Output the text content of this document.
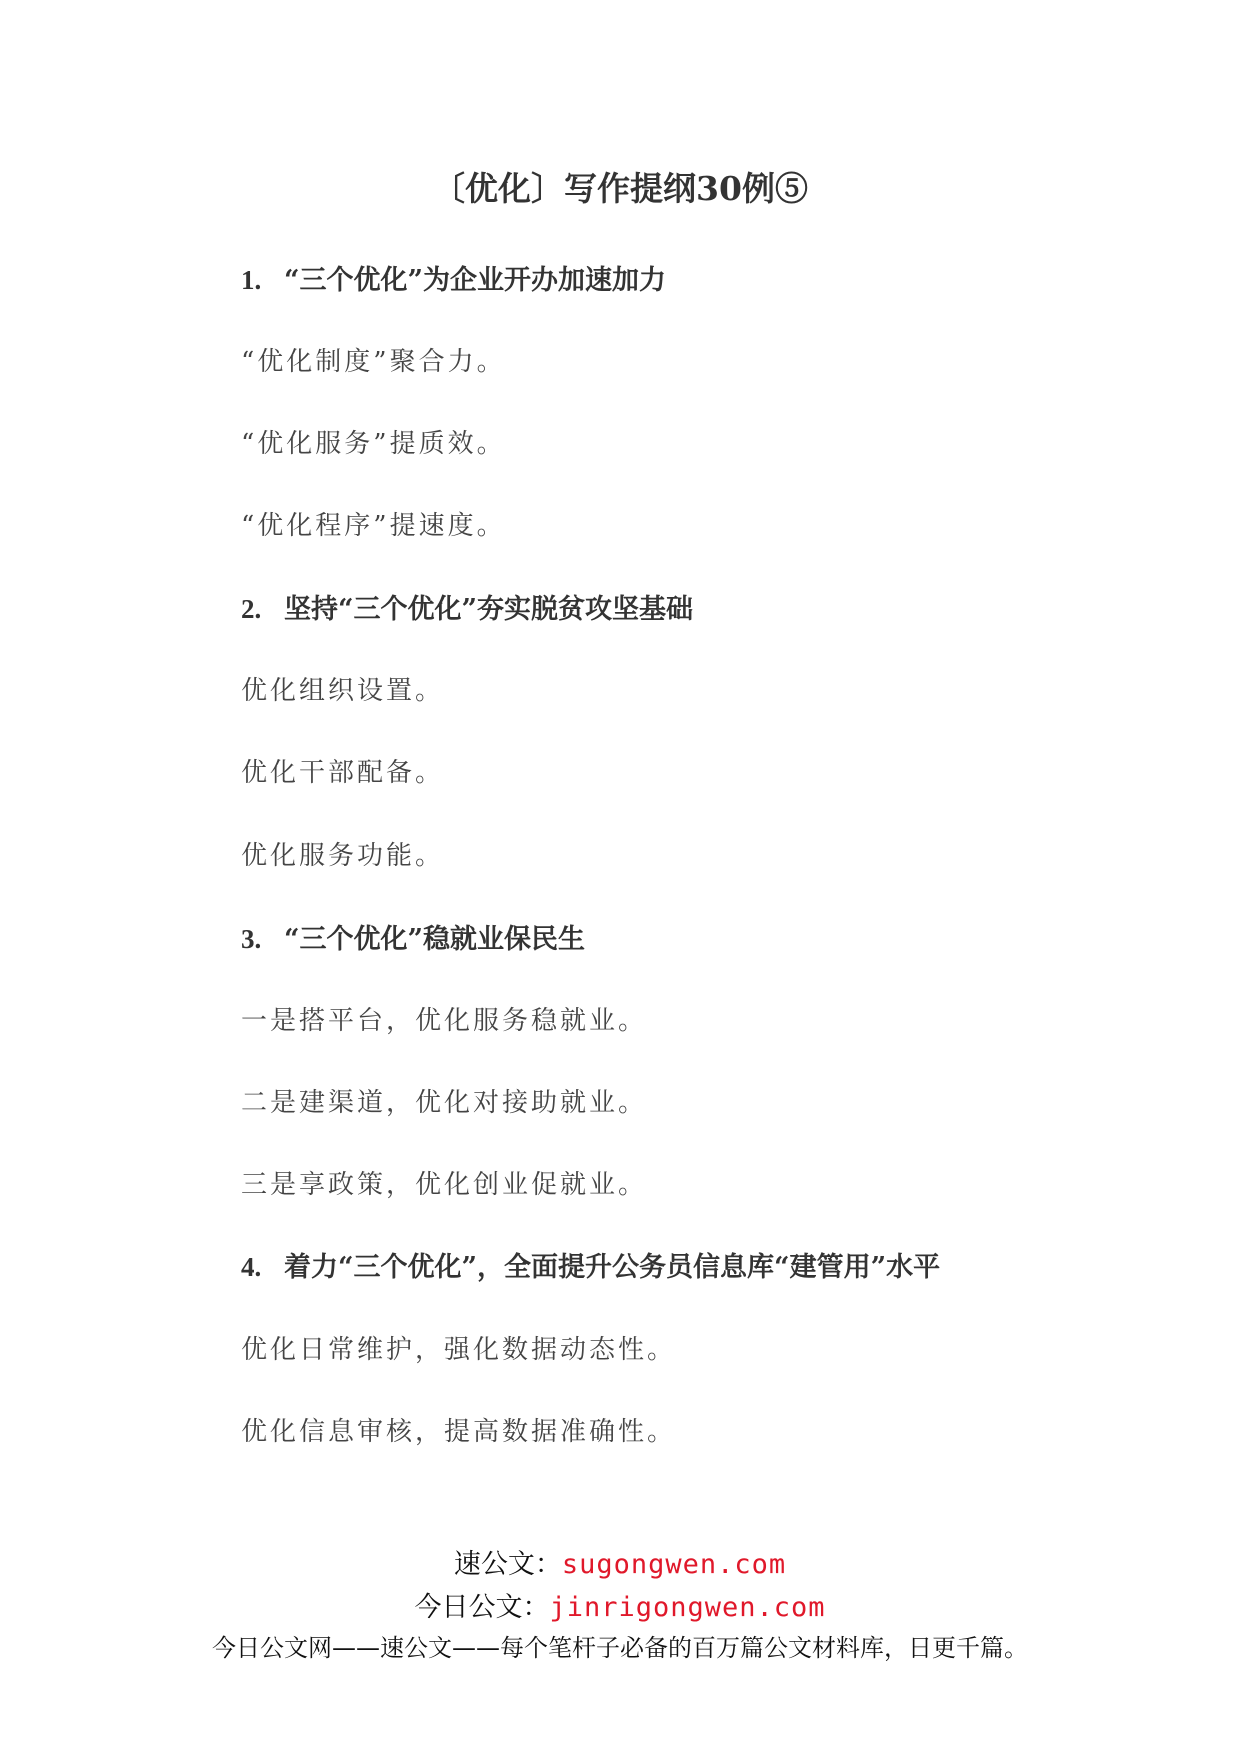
〔优化〕写作提纲30例⑤
1. “三个优化”为企业开办加速加力
“优化制度”聚合力。
“优化服务”提质效。
“优化程序”提速度。
2. 坚持“三个优化”夯实脱贫攻坚基础
优化组织设置。
优化干部配备。
优化服务功能。
3. “三个优化”稳就业保民生
一是搭平台，优化服务稳就业。
二是建渠道，优化对接助就业。
三是享政策，优化创业促就业。
4. 着力“三个优化”，全面提升公务员信息库“建管用”水平
优化日常维护，强化数据动态性。
优化信息审核，提高数据准确性。
速公文：sugongwen.com
今日公文：jinrigongwen.com
今日公文网——速公文——每个笔杆子必备的百万篇公文材料库，日更千篇。
